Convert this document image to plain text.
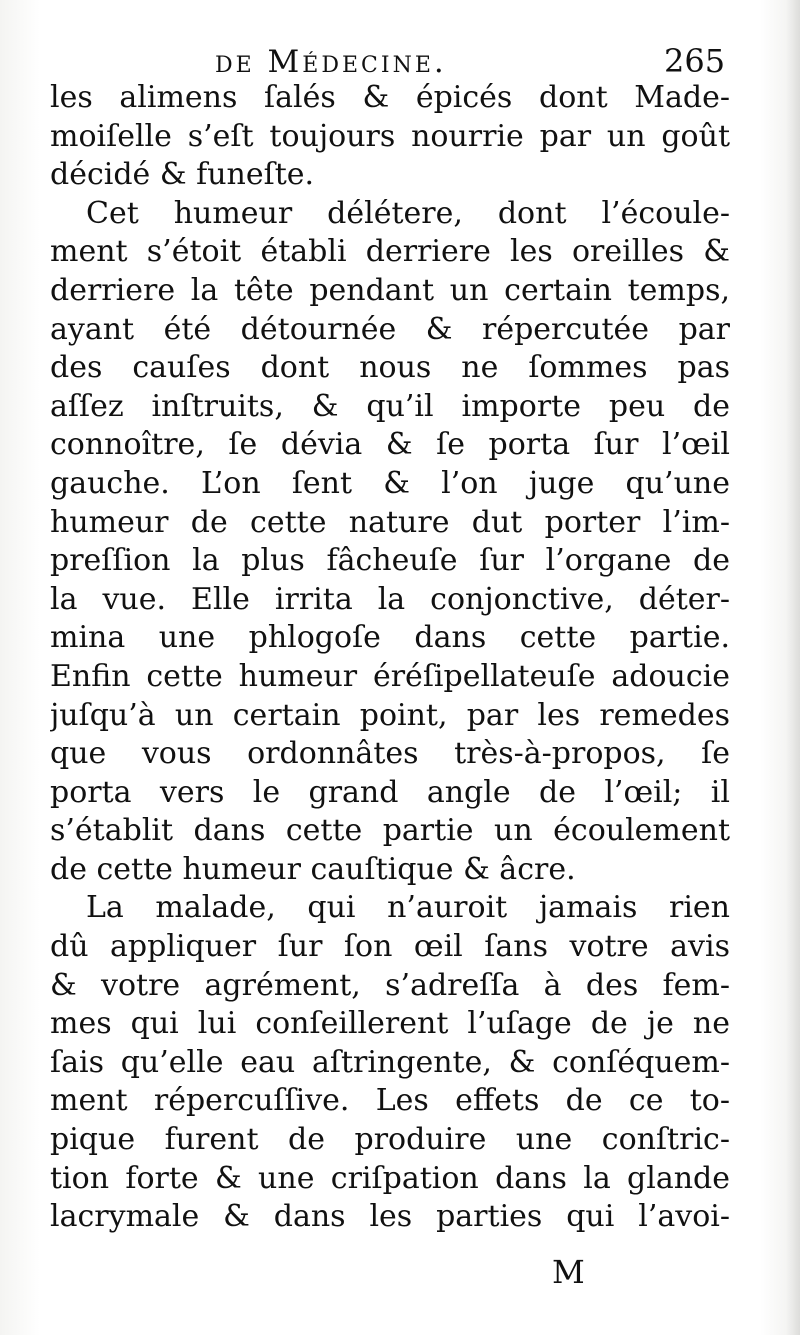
de Médecine.	265
les alimens ſalés & épicés dont Made-
moiſelle s’eſt toujours nourrie par un goût
décidé & funeſte.
Cet humeur délétere, dont l’écoule-
ment s’étoit établi derriere les oreilles &
derriere la tête pendant un certain temps,
ayant été détournée & répercutée par
des cauſes dont nous ne ſommes pas
aſſez inſtruits, & qu’il importe peu de
connoître, ſe dévia & ſe porta ſur l’œil
gauche. L’on ſent & l’on juge qu’une
humeur de cette nature dut porter l’im-
preſſion la plus fâcheuſe ſur l’organe de
la vue. Elle irrita la conjonctive, déter-
mina une phlogoſe dans cette partie.
Enfin cette humeur éréſipellateuſe adoucie
juſqu’à un certain point, par les remedes
que vous ordonnâtes très-à-propos, ſe
porta vers le grand angle de l’œil; il
s’établit dans cette partie un écoulement
de cette humeur cauſtique & âcre.
La malade, qui n’auroit jamais rien
dû appliquer ſur ſon œil ſans votre avis
& votre agrément, s’adreſſa à des fem-
mes qui lui conſeillerent l’uſage de je ne
ſais qu’elle eau aſtringente, & conſéquem-
ment répercuſſive. Les effets de ce to-
pique furent de produire une conſtric-
tion forte & une criſpation dans la glande
lacrymale & dans les parties qui l’avoi-
M
